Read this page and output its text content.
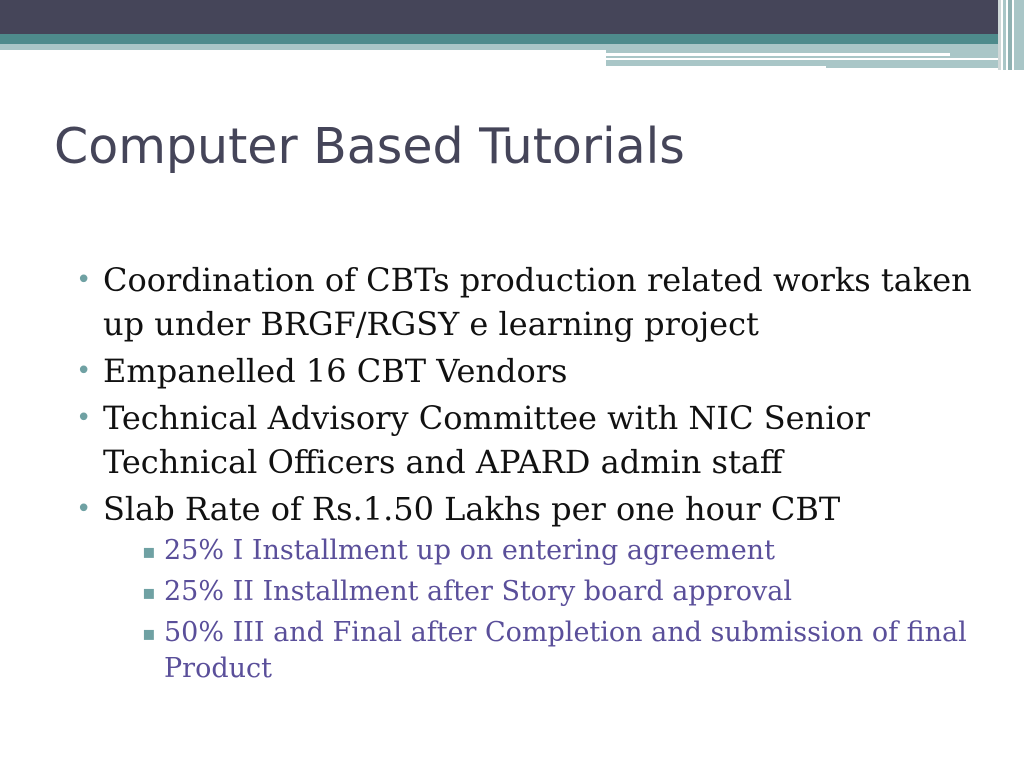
Computer Based Tutorials
• Coordination of CBTs production related works taken up under BRGF/RGSY e learning project
• Empanelled 16 CBT Vendors
• Technical Advisory Committee with NIC Senior Technical Officers and APARD admin staff
• Slab Rate of Rs.1.50 Lakhs per one hour CBT
▪ 25% I Installment up on entering agreement
▪ 25% II Installment after Story board approval
▪ 50% III and Final after Completion and submission of final Product
